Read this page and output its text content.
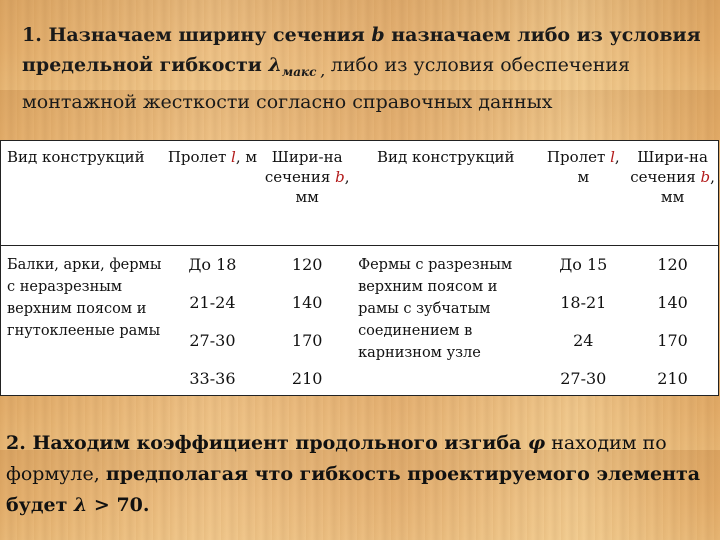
1. Назначаем ширину сечения b назначаем либо из условия предельной гибкости $\lambda_{макс ,}$ либо из условия обеспечения монтажной жесткости согласно справочных данных
Вид конструкций	Пролет l, м	Шири-на сечения b, мм	Вид конструкций	Пролет l, м	Шири-на сечения b, мм

Балки, арки, фермы с неразрезным верхним поясом и гнутоклееные рамы	До 18	120	Фермы с разрезным верхним поясом и рамы с зубчатым соединением в карнизном узле	До 15	120
	21-24	140		18-21	140
	27-30	170		24	170
	33-36	210		27-30	210
2. Находим коэффициент продольного изгиба φ находим по формуле, предполагая что гибкость проектируемого элемента будет λ > 70.
